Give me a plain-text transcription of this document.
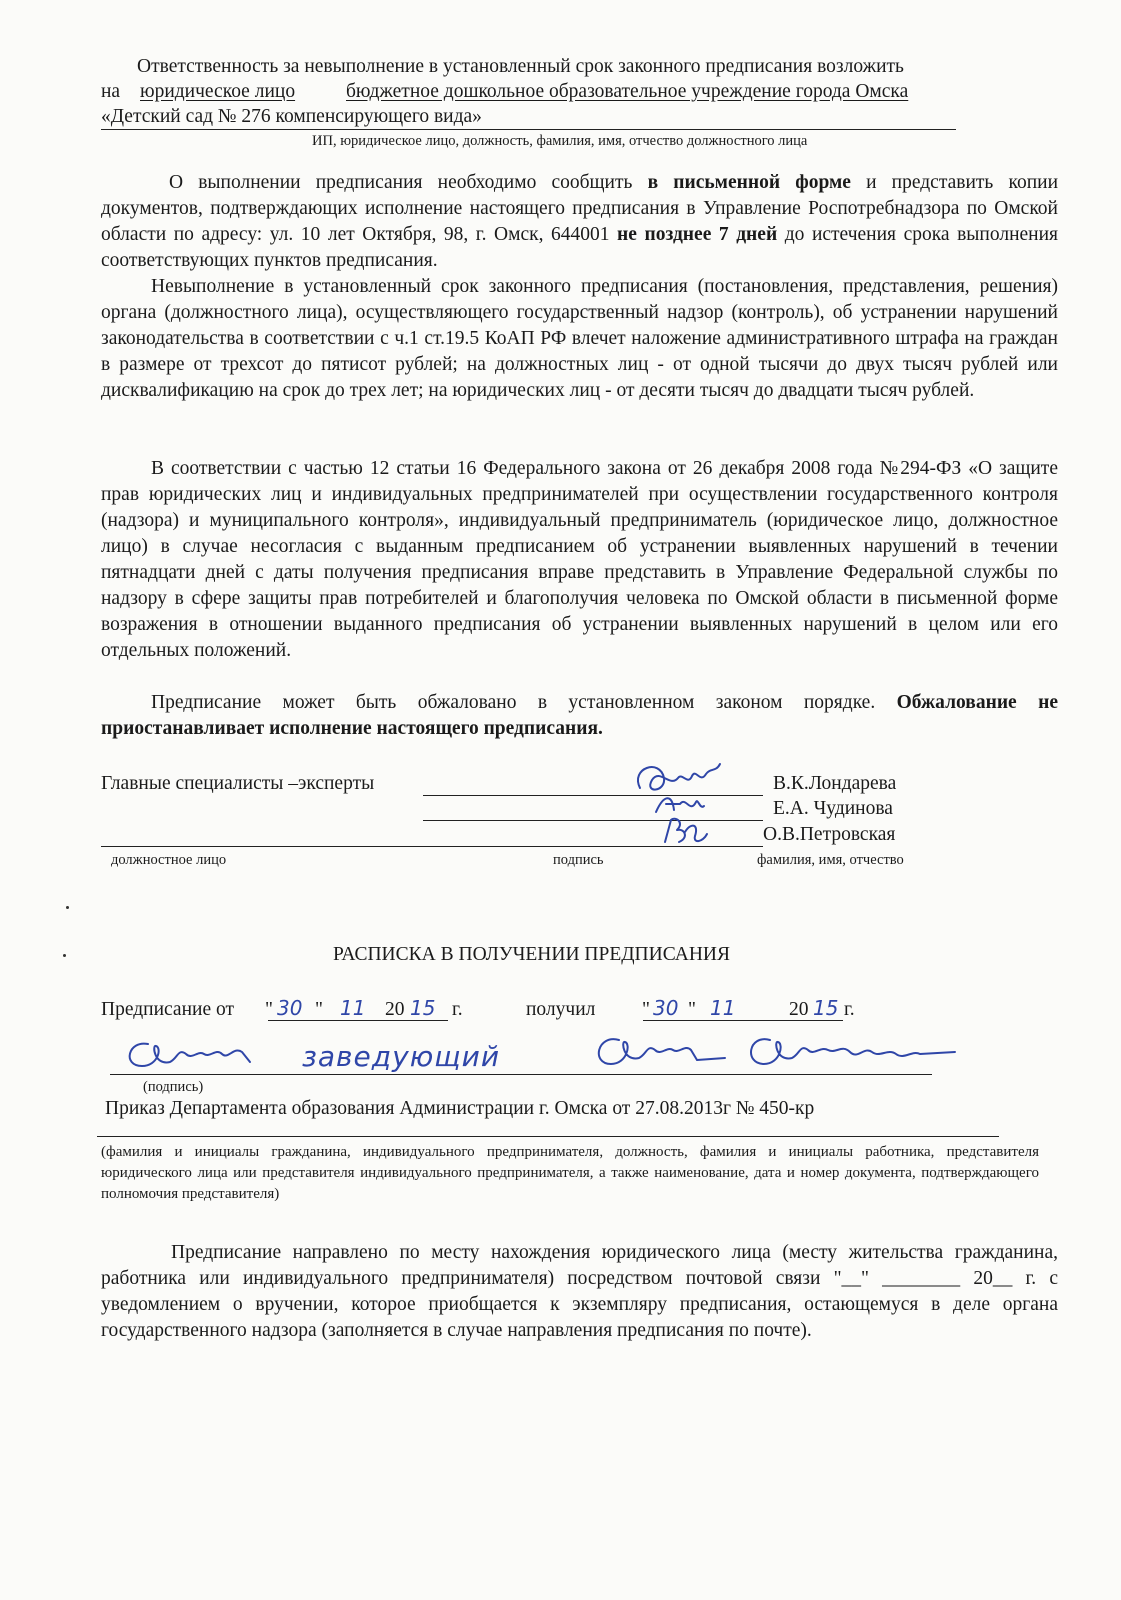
Ответственность за невыполнение в установленный срок законного предписания возложить
на юридическое лицо	бюджетное дошкольное образовательное учреждение города Омска
«Детский сад № 276 компенсирующего вида»
ИП, юридическое лицо, должность, фамилия, имя, отчество должностного лица

О выполнении предписания необходимо сообщить в письменной форме и представить копии документов, подтверждающих исполнение настоящего предписания в Управление Роспотребнадзора по Омской области по адресу: ул. 10 лет Октября, 98, г. Омск, 644001 не позднее 7 дней до истечения срока выполнения соответствующих пунктов предписания.

Невыполнение в установленный срок законного предписания (постановления, представления, решения) органа (должностного лица), осуществляющего государственный надзор (контроль), об устранении нарушений законодательства в соответствии с ч.1 ст.19.5 КоАП РФ влечет наложение административного штрафа на граждан в размере от трехсот до пятисот рублей; на должностных лиц - от одной тысячи до двух тысяч рублей или дисквалификацию на срок до трех лет; на юридических лиц - от десяти тысяч до двадцати тысяч рублей.

В соответствии с частью 12 статьи 16 Федерального закона от 26 декабря 2008 года №294-ФЗ «О защите прав юридических лиц и индивидуальных предпринимателей при осуществлении государственного контроля (надзора) и муниципального контроля», индивидуальный предприниматель (юридическое лицо, должностное лицо) в случае несогласия с выданным предписанием об устранении выявленных нарушений в течении пятнадцати дней с даты получения предписания вправе представить в Управление Федеральной службы по надзору в сфере защиты прав потребителей и благополучия человека по Омской области в письменной форме возражения в отношении выданного предписания об устранении выявленных нарушений в целом или его отдельных положений.

Предписание может быть обжаловано в установленном законом порядке. Обжалование не приостанавливает исполнение настоящего предписания.

Главные специалисты –эксперты	В.К.Лондарева
Е.А. Чудинова
О.В.Петровская
должностное лицо	подпись	фамилия, имя, отчество
РАСПИСКА В ПОЛУЧЕНИИ ПРЕДПИСАНИЯ
Предписание от " 30 " 11 20 15 г.	получил " 30 " 11	20 15 г.
заведующий
(подпись)
Приказ Департамента образования Администрации г. Омска от 27.08.2013г № 450-кр

(фамилия и инициалы гражданина, индивидуального предпринимателя, должность, фамилия и инициалы работника, представителя юридического лица или представителя индивидуального предпринимателя, а также наименование, дата и номер документа, подтверждающего полномочия представителя)

Предписание направлено по месту нахождения юридического лица (месту жительства гражданина, работника или индивидуального предпринимателя) посредством почтовой связи "__" ________ 20__ г. с уведомлением о вручении, которое приобщается к экземпляру предписания, остающемуся в деле органа государственного надзора (заполняется в случае направления предписания по почте).
